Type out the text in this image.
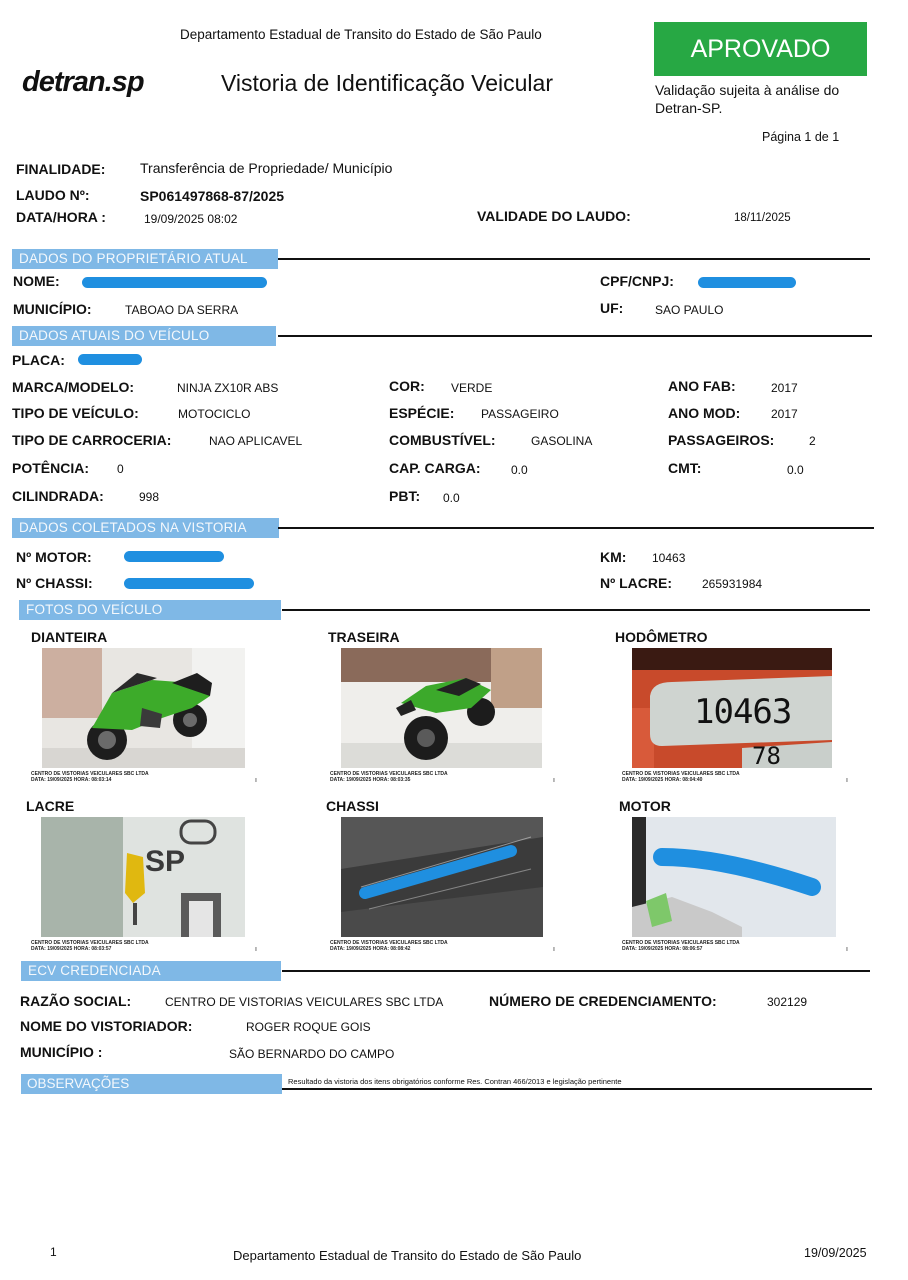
Departamento Estadual de Transito do Estado de São Paulo
detran.sp	Vistoria de Identificação Veicular
APROVADO
Validação sujeita à análise do Detran-SP.
Página 1 de 1
FINALIDADE: Transferência de Propriedade/ Município
LAUDO Nº:	SP061497868-87/2025
DATA/HORA :	19/09/2025 08:02	VALIDADE DO LAUDO:	18/11/2025
DADOS DO PROPRIETÁRIO ATUAL
NOME:	CPF/CNPJ:
MUNICÍPIO:	TABOAO DA SERRA	UF:	SAO PAULO
DADOS ATUAIS DO VEÍCULO
PLACA:
MARCA/MODELO:	NINJA ZX10R ABS
TIPO DE VEÍCULO:	MOTOCICLO
TIPO DE CARROCERIA:	NAO APLICAVEL
POTÊNCIA: 0
CILINDRADA:	998
COR: VERDE
ESPÉCIE: PASSAGEIRO
COMBUSTÍVEL:	GASOLINA
CAP. CARGA:	0.0
PBT: 0.0
ANO FAB:	2017
ANO MOD:	2017
PASSAGEIROS:	2
CMT:	0.0
DADOS COLETADOS NA VISTORIA
Nº MOTOR:
Nº CHASSI:
KM: 10463
Nº LACRE:	265931984
FOTOS DO VEÍCULO
DIANTEIRA
CENTRO DE VISTORIAS VEICULARES SBC LTDA
DATA: 19/09/2025 HORA: 08:03:14	ı
TRASEIRA
CENTRO DE VISTORIAS VEICULARES SBC LTDA
DATA: 19/09/2025 HORA: 08:03:35	ı
HODÔMETRO
10463
78
CENTRO DE VISTORIAS VEICULARES SBC LTDA
DATA: 19/09/2025 HORA: 08:04:40	ı
LACRE
SP
CENTRO DE VISTORIAS VEICULARES SBC LTDA
DATA: 19/09/2025 HORA: 08:03:57	ı
CHASSI
CENTRO DE VISTORIAS VEICULARES SBC LTDA
DATA: 19/09/2025 HORA: 08:08:42	ı
MOTOR
CENTRO DE VISTORIAS VEICULARES SBC LTDA
DATA: 19/09/2025 HORA: 08:06:57	ı
ECV CREDENCIADA
RAZÃO SOCIAL:	CENTRO DE VISTORIAS VEICULARES SBC LTDA	NÚMERO DE CREDENCIAMENTO:	302129
NOME DO VISTORIADOR:	ROGER ROQUE GOIS
MUNICÍPIO :	SÃO BERNARDO DO CAMPO
OBSERVAÇÕES	Resultado da vistoria dos itens obrigatórios conforme Res. Contran 466/2013 e legislação pertinente
1	Departamento Estadual de Transito do Estado de São Paulo	19/09/2025
